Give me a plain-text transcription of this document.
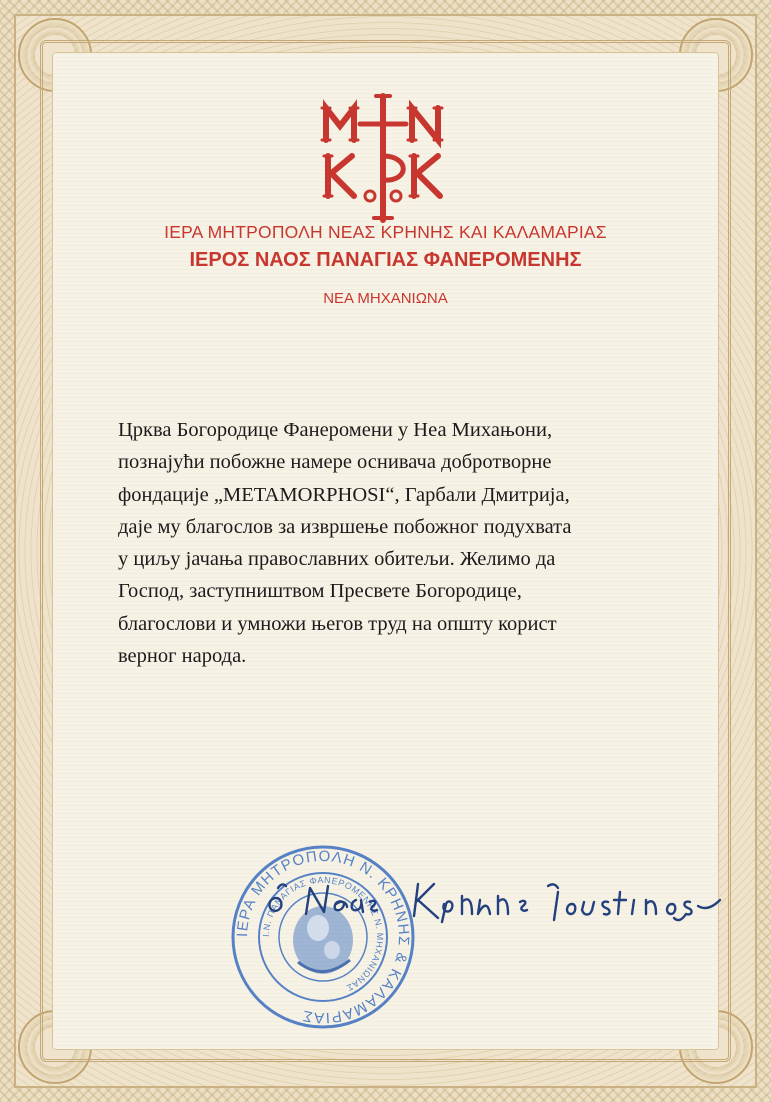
ΙΕΡΑ ΜΗΤΡΟΠΟΛΗ ΝΕΑΣ ΚΡΗΝΗΣ ΚΑΙ ΚΑΛΑΜΑΡΙΑΣ
ΙΕΡΟΣ ΝΑΟΣ ΠΑΝΑΓΙΑΣ ΦΑΝΕΡΟΜΕΝΗΣ
ΝΕΑ ΜΗΧΑΝΙΩΝΑ
Црква Богородице Фанеромени у Неа Михањони,
познајући побожне намере оснивача добротворне
фондације „METAMORPHOSI“, Гарбали Дмитрија,
даје му благослов за извршење побожног подухвата
у циљу јачања православних обитељи. Желимо да
Господ, заступништвом Пресвете Богородице,
благослови и умножи његов труд на општу корист
верног народа.
ΙΕΡΑ ΜΗΤΡΟΠΟΛΗ Ν. ΚΡΗΝΗΣ & ΚΑΛΑΜΑΡΙΑΣ
Ι.Ν. ΠΑΝΑΓΙΑΣ ΦΑΝΕΡΟΜΕΝΗΣ Ν. ΜΗΧΑΝΙΩΝΑΣ
